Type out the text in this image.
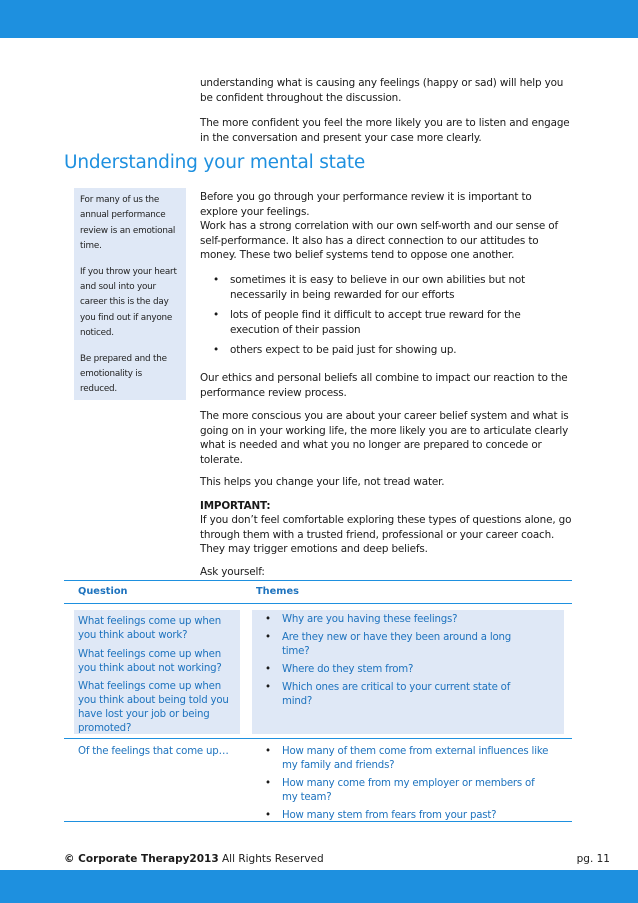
understanding what is causing any feelings (happy or sad) will help you be confident throughout the discussion.

The more confident you feel the more likely you are to listen and engage in the conversation and present your case more clearly.

Understanding your mental state

For many of us the annual performance review is an emotional time.

If you throw your heart and soul into your career this is the day you find out if anyone noticed.

Be prepared and the emotionality is reduced.

Before you go through your performance review it is important to explore your feelings.

Work has a strong correlation with our own self-worth and our sense of self-performance. It also has a direct connection to our attitudes to money. These two belief systems tend to oppose one another.

• sometimes it is easy to believe in our own abilities but not necessarily in being rewarded for our efforts
• lots of people find it difficult to accept true reward for the execution of their passion
• others expect to be paid just for showing up.

Our ethics and personal beliefs all combine to impact our reaction to the performance review process.

The more conscious you are about your career belief system and what is going on in your working life, the more likely you are to articulate clearly what is needed and what you no longer are prepared to concede or tolerate.

This helps you change your life, not tread water.

IMPORTANT:

If you don’t feel comfortable exploring these types of questions alone, go through them with a trusted friend, professional or your career coach. They may trigger emotions and deep beliefs.

Ask yourself:

Question	Themes

What feelings come up when you think about work?

What feelings come up when you think about not working?

What feelings come up when you think about being told you have lost your job or being promoted?

• Why are you having these feelings?
• Are they new or have they been around a long time?
• Where do they stem from?
• Which ones are critical to your current state of mind?

Of the feelings that come up…

•	How many of them come from external influences like my family and friends?
• How many come from my employer or members of my team?
• How many stem from fears from your past?
© Corporate Therapy2013 All Rights Reserved	pg. 11
